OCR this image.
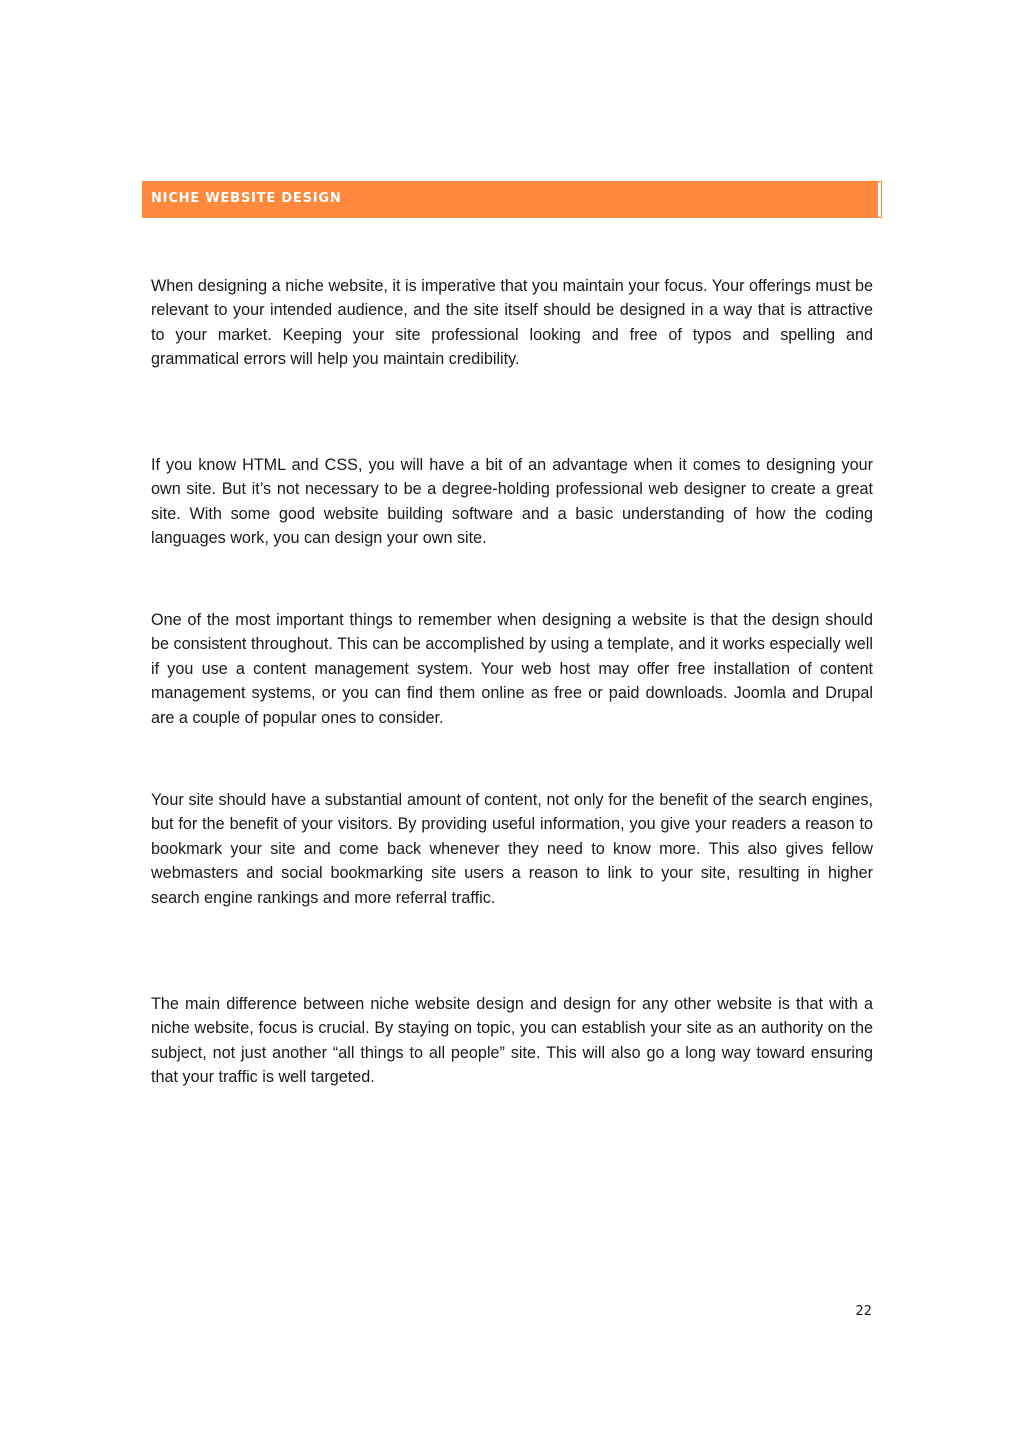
NICHE WEBSITE DESIGN

When designing a niche website, it is imperative that you maintain your focus. Your offerings must be relevant to your intended audience, and the site itself should be designed in a way that is attractive to your market. Keeping your site professional looking and free of typos and spelling and grammatical errors will help you maintain credibility.

If you know HTML and CSS, you will have a bit of an advantage when it comes to designing your own site. But it’s not necessary to be a degree-holding professional web designer to create a great site. With some good website building software and a basic understanding of how the coding languages work, you can design your own site.

One of the most important things to remember when designing a website is that the design should be consistent throughout. This can be accomplished by using a template, and it works especially well if you use a content management system. Your web host may offer free installation of content management systems, or you can find them online as free or paid downloads. Joomla and Drupal are a couple of popular ones to consider.

Your site should have a substantial amount of content, not only for the benefit of the search engines, but for the benefit of your visitors. By providing useful information, you give your readers a reason to bookmark your site and come back whenever they need to know more. This also gives fellow webmasters and social bookmarking site users a reason to link to your site, resulting in higher search engine rankings and more referral traffic.

The main difference between niche website design and design for any other website is that with a niche website, focus is crucial. By staying on topic, you can establish your site as an authority on the subject, not just another “all things to all people” site. This will also go a long way toward ensuring that your traffic is well targeted.

22
